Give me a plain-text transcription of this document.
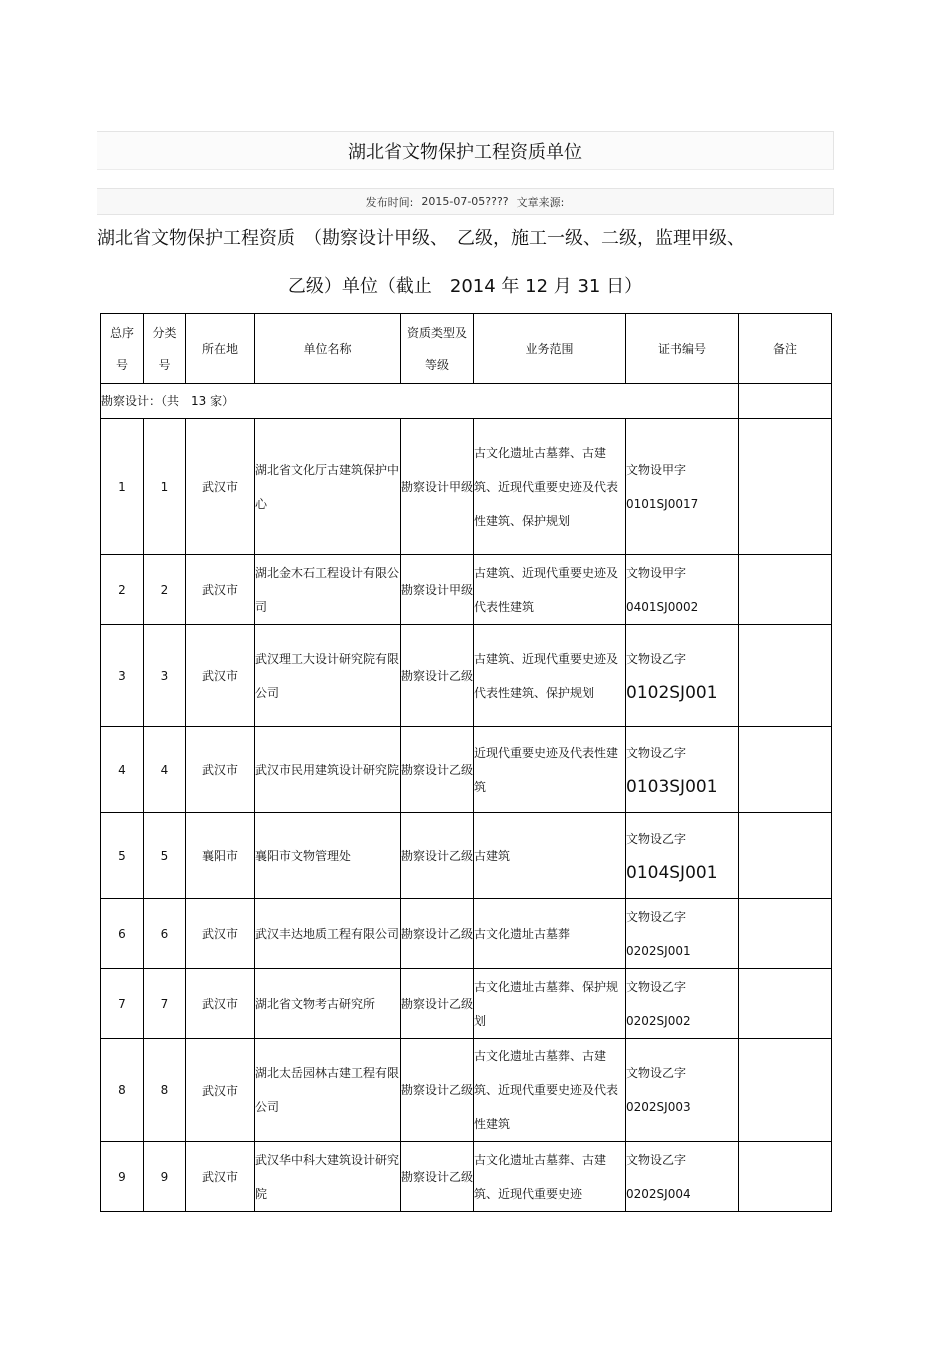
湖北省文物保护工程资质单位
发布时间: 2015-07-05???? 文章来源:
湖北省文物保护工程资质　（勘察设计甲级、　乙级，施工一级、二级，监理甲级、
乙级）单位（截止　2014 年 12 月 31 日）
总序号	分类号	所在地	单位名称	资质类型及等级	业务范围	证书编号	备注
勘察设计：（共　13 家）							
1	1	武汉市	湖北省文化厅古建筑保护中心	勘察设计甲级	古文化遗址古墓葬、古建筑、近现代重要史迹及代表性建筑、保护规划	文物设甲字
0101SJ0017	

2	2	武汉市	湖北金木石工程设计有限公司	勘察设计甲级	古建筑、近现代重要史迹及代表性建筑	文物设甲字
0401SJ0002	

3	3	武汉市	武汉理工大设计研究院有限公司	勘察设计乙级	古建筑、近现代重要史迹及代表性建筑、保护规划	文物设乙字
0102SJ001	

4	4	武汉市	武汉市民用建筑设计研究院	勘察设计乙级	近现代重要史迹及代表性建筑	文物设乙字
0103SJ001	

5	5	襄阳市	襄阳市文物管理处	勘察设计乙级	古建筑	文物设乙字
0104SJ001	

6	6	武汉市	武汉丰达地质工程有限公司	勘察设计乙级	古文化遗址古墓葬	文物设乙字
0202SJ001	

7	7	武汉市	湖北省文物考古研究所	勘察设计乙级	古文化遗址古墓葬、保护规划	文物设乙字
0202SJ002	

8	8	武汉市	湖北太岳园林古建工程有限公司	勘察设计乙级	古文化遗址古墓葬、古建筑、近现代重要史迹及代表性建筑	文物设乙字
0202SJ003	

9	9	武汉市	武汉华中科大建筑设计研究院	勘察设计乙级	古文化遗址古墓葬、古建筑、近现代重要史迹	文物设乙字
0202SJ004	
